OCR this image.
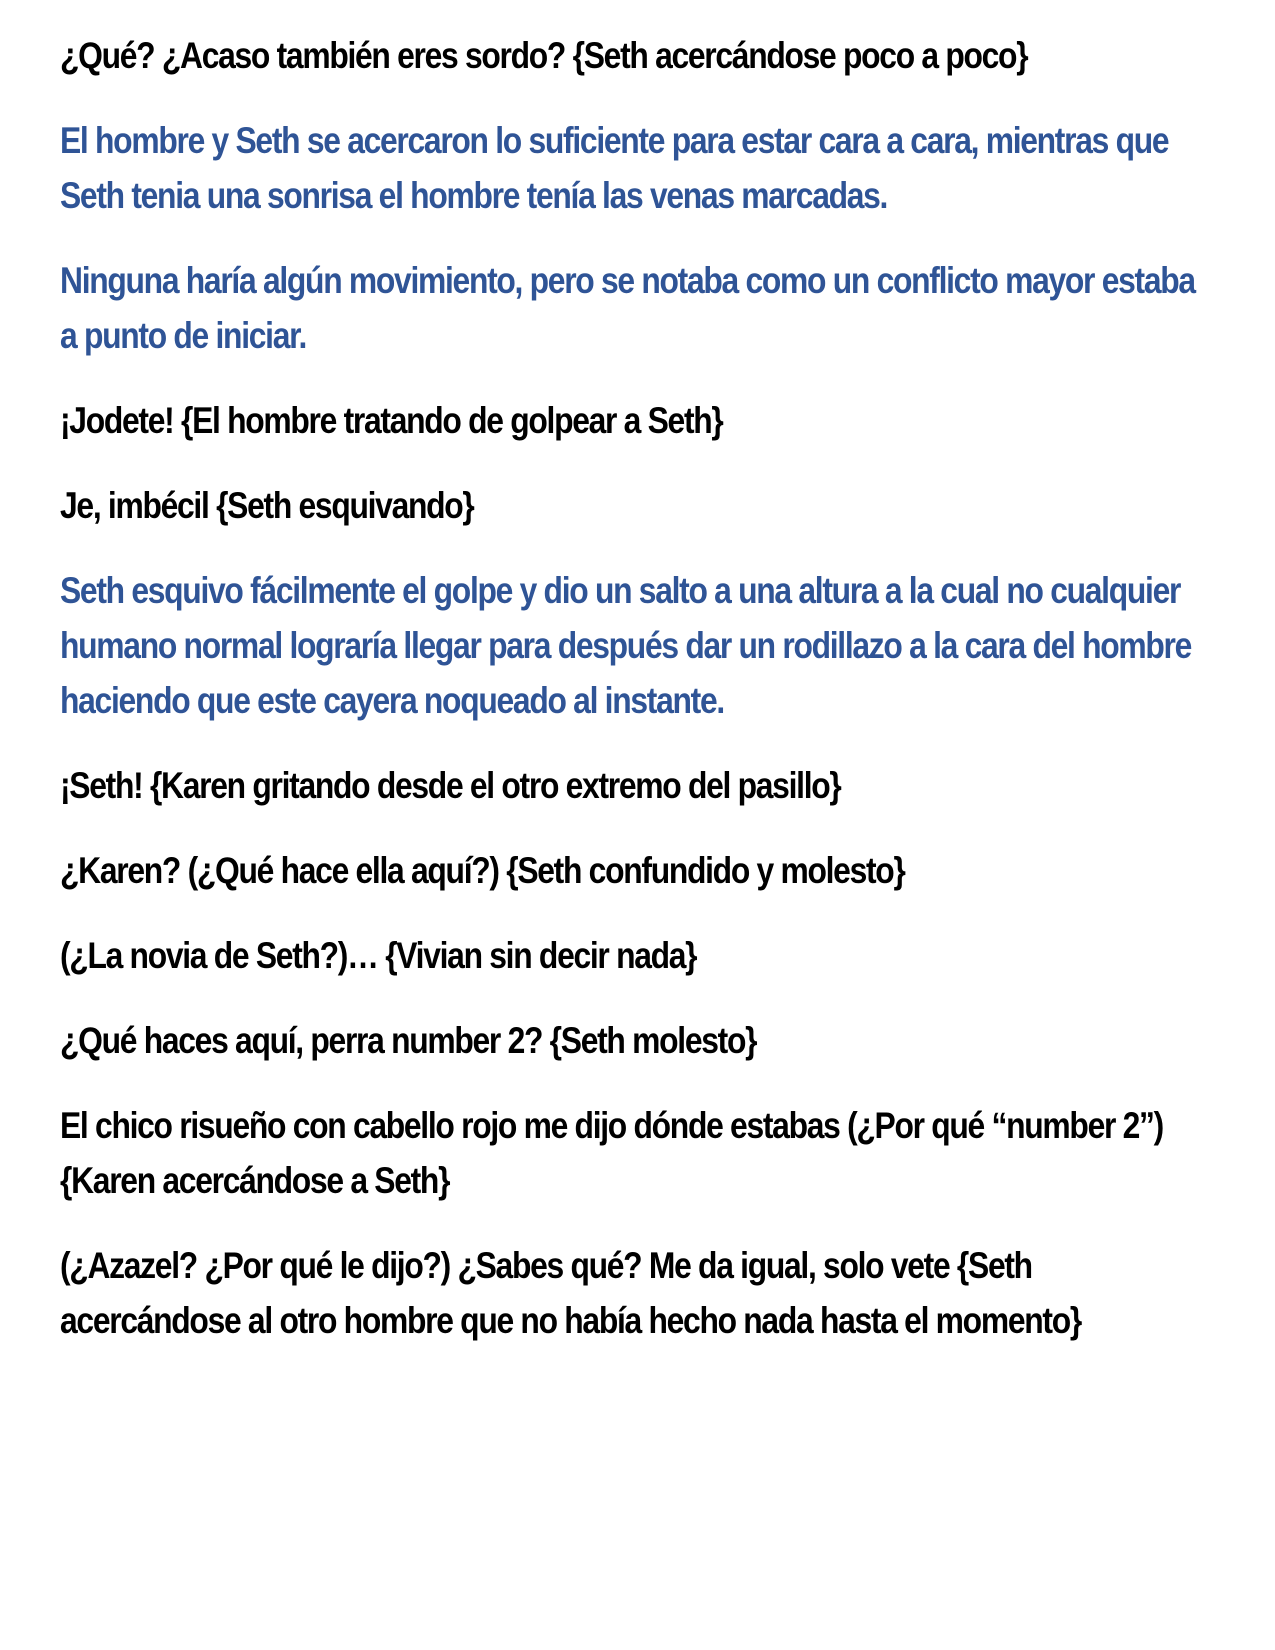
¿Qué? ¿Acaso también eres sordo? {Seth acercándose poco a poco}

El hombre y Seth se acercaron lo suficiente para estar cara a cara, mientras que Seth tenia una sonrisa el hombre tenía las venas marcadas.

Ninguna haría algún movimiento, pero se notaba como un conflicto mayor estaba a punto de iniciar.

¡Jodete! {El hombre tratando de golpear a Seth}

Je, imbécil {Seth esquivando}

Seth esquivo fácilmente el golpe y dio un salto a una altura a la cual no cualquier humano normal lograría llegar para después dar un rodillazo a la cara del hombre haciendo que este cayera noqueado al instante.

¡Seth! {Karen gritando desde el otro extremo del pasillo}

¿Karen? (¿Qué hace ella aquí?) {Seth confundido y molesto}

(¿La novia de Seth?)… {Vivian sin decir nada}

¿Qué haces aquí, perra number 2? {Seth molesto}

El chico risueño con cabello rojo me dijo dónde estabas (¿Por qué “number 2”) {Karen acercándose a Seth}

(¿Azazel? ¿Por qué le dijo?) ¿Sabes qué? Me da igual, solo vete {Seth acercándose al otro hombre que no había hecho nada hasta el momento}
